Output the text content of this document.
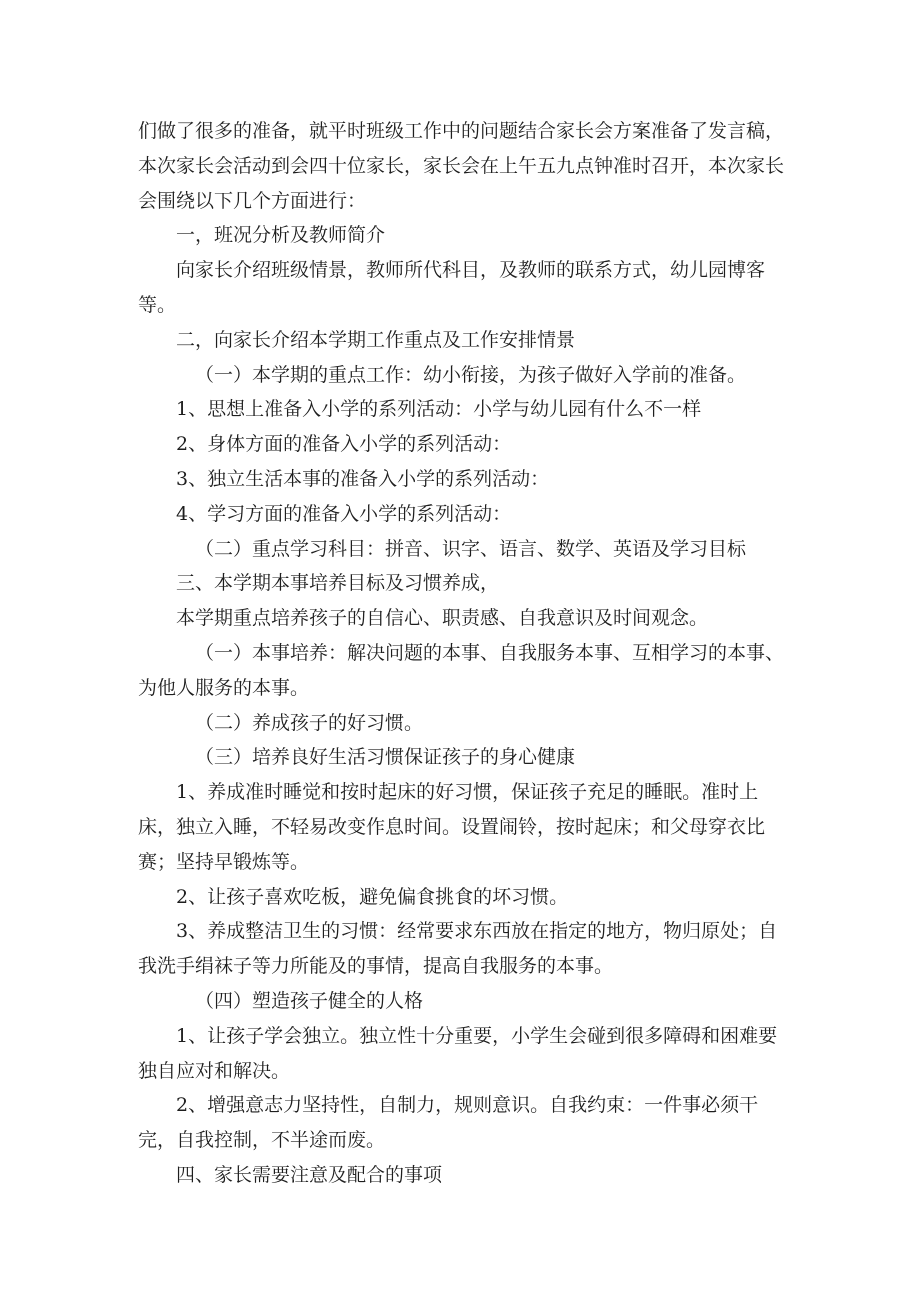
们做了很多的准备，就平时班级工作中的问题结合家长会方案准备了发言稿，本次家长会活动到会四十位家长，家长会在上午五九点钟准时召开，本次家长会围绕以下几个方面进行：

一，班况分析及教师简介

向家长介绍班级情景，教师所代科目，及教师的联系方式，幼儿园博客等。

二，向家长介绍本学期工作重点及工作安排情景

（一）本学期的重点工作：幼小衔接，为孩子做好入学前的准备。

1、思想上准备入小学的系列活动：小学与幼儿园有什么不一样

2、身体方面的准备入小学的系列活动：

3、独立生活本事的准备入小学的系列活动：

4、学习方面的准备入小学的系列活动：

（二）重点学习科目：拼音、识字、语言、数学、英语及学习目标

三、本学期本事培养目标及习惯养成，

本学期重点培养孩子的自信心、职责感、自我意识及时间观念。

（一）本事培养：解决问题的本事、自我服务本事、互相学习的本事、为他人服务的本事。

（二）养成孩子的好习惯。

（三）培养良好生活习惯保证孩子的身心健康

1、养成准时睡觉和按时起床的好习惯，保证孩子充足的睡眠。准时上床，独立入睡，不轻易改变作息时间。设置闹铃，按时起床；和父母穿衣比赛；坚持早锻炼等。

2、让孩子喜欢吃板，避免偏食挑食的坏习惯。

3、养成整洁卫生的习惯：经常要求东西放在指定的地方，物归原处；自我洗手绢袜子等力所能及的事情，提高自我服务的本事。

（四）塑造孩子健全的人格

1、让孩子学会独立。独立性十分重要，小学生会碰到很多障碍和困难要独自应对和解决。

2、增强意志力坚持性，自制力，规则意识。自我约束：一件事必须干完，自我控制，不半途而废。

四、家长需要注意及配合的事项
